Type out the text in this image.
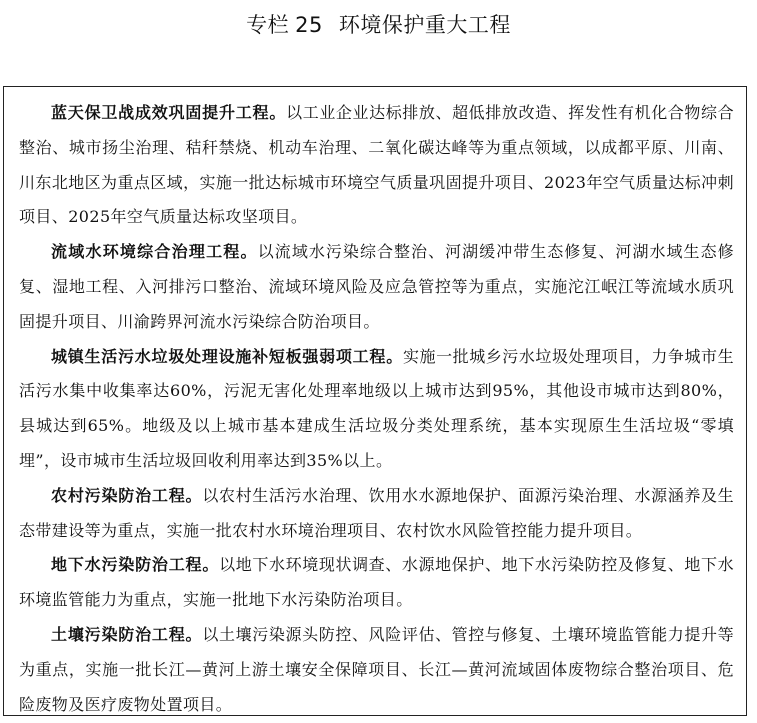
专栏 25 环境保护重大工程

蓝天保卫战成效巩固提升工程。以工业企业达标排放、超低排放改造、挥发性有机化合物综合整治、城市扬尘治理、秸秆禁烧、机动车治理、二氧化碳达峰等为重点领域，以成都平原、川南、川东北地区为重点区域，实施一批达标城市环境空气质量巩固提升项目、2023年空气质量达标冲刺项目、2025年空气质量达标攻坚项目。

流域水环境综合治理工程。以流域水污染综合整治、河湖缓冲带生态修复、河湖水域生态修复、湿地工程、入河排污口整治、流域环境风险及应急管控等为重点，实施沱江岷江等流域水质巩固提升项目、川渝跨界河流水污染综合防治项目。

城镇生活污水垃圾处理设施补短板强弱项工程。实施一批城乡污水垃圾处理项目，力争城市生活污水集中收集率达60%，污泥无害化处理率地级以上城市达到95%，其他设市城市达到80%，县城达到65%。地级及以上城市基本建成生活垃圾分类处理系统，基本实现原生生活垃圾“零填埋”，设市城市生活垃圾回收利用率达到35%以上。

农村污染防治工程。以农村生活污水治理、饮用水水源地保护、面源污染治理、水源涵养及生态带建设等为重点，实施一批农村水环境治理项目、农村饮水风险管控能力提升项目。

地下水污染防治工程。以地下水环境现状调查、水源地保护、地下水污染防控及修复、地下水环境监管能力为重点，实施一批地下水污染防治项目。

土壤污染防治工程。以土壤污染源头防控、风险评估、管控与修复、土壤环境监管能力提升等为重点，实施一批长江—黄河上游土壤安全保障项目、长江—黄河流域固体废物综合整治项目、危险废物及医疗废物处置项目。
